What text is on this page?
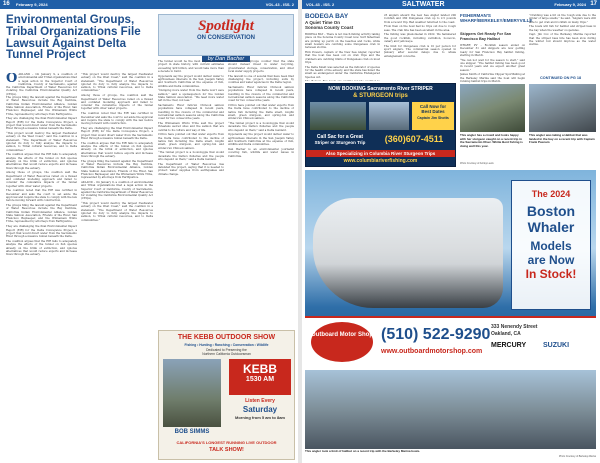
16 February 9, 2024	VOL.43 - ISS. 2
Environmental Groups, Tribal Organizations File Lawsuit Against Delta Tunnel Project
O AKLAND – On January 9, a coalition of environmental and Tribal organizations filed a legal action in the Superior Court of California, County of Sacramento, against the California Department of Water Resources for violating the California Environmental Quality Act (CEQA).

The groups filing the lawsuit against the Department of Water Resources include the Bay Institute, California Indian Environmental Alliance, Golden State Salmon Association, Friends of the River, San Francisco Baykeeper, and the Winnemem Wintu Tribe, represented by attorneys from Earthjustice.

They are challenging the final Environmental Impact Report (EIR) for the Delta Conveyance Project, a project that would divert water from the Sacramento River through a massive tunnel beneath the Delta.

“This project would destroy the largest freshwater estuary on the West Coast,” said the coalition in a statement. “The Department of Water Resources ignored its duty to fully analyze the impacts to salmon, to Tribal cultural resources, and to Delta communities.”

The coalition argues that the EIR fails to adequately analyze the effects of the tunnel on fish species already on the brink of extinction, and ignores alternatives that would reduce exports and increase flows through the estuary.

Among those of groups, the coalition said the Department of Water Resources relied on a flawed and outdated modeling approach and failed to consider the cumulative impacts of the tunnel together with other water projects.

The coalition noted that the EIR was certified in December and asks the court to set aside the approval and require the state to comply with the law before moving forward with construction.

The groups filing the lawsuit against the Department of Water Resources include the Bay Institute, California Indian Environmental Alliance, Golden State Salmon Association, Friends of the River, San Francisco Baykeeper, and the Winnemem Wintu Tribe, represented by attorneys from Earthjustice.

They are challenging the final Environmental Impact Report (EIR) for the Delta Conveyance Project, a project that would divert water from the Sacramento River through a massive tunnel beneath the Delta.

The coalition argues that the EIR fails to adequately analyze the effects of the tunnel on fish species already on the brink of extinction, and ignores alternatives that would reduce exports and increase flows through the estuary.

“This project would destroy the largest freshwater estuary on the West Coast,” said the coalition in a statement. “The Department of Water Resources ignored its duty to fully analyze the impacts to salmon, to Tribal cultural resources, and to Delta communities.”

Among those of groups, the coalition said the Department of Water Resources relied on a flawed and outdated modeling approach and failed to consider the cumulative impacts of the tunnel together with other water projects.

The coalition noted that the EIR was certified in December and asks the court to set aside the approval and require the state to comply with the law before moving forward with construction.

They are challenging the final Environmental Impact Report (EIR) for the Delta Conveyance Project, a project that would divert water from the Sacramento River through a massive tunnel beneath the Delta.

The coalition argues that the EIR fails to adequately analyze the effects of the tunnel on fish species already on the brink of extinction, and ignores alternatives that would reduce exports and increase flows through the estuary.

The groups filing the lawsuit against the Department of Water Resources include the Bay Institute, California Indian Environmental Alliance, Golden State Salmon Association, Friends of the River, San Francisco Baykeeper, and the Winnemem Wintu Tribe, represented by attorneys from Earthjustice.

AKLAND – On January 9, a coalition of environmental and Tribal organizations filed a legal action in the Superior Court of California, County of Sacramento, against the California Department of Water Resources for violating the California Environmental Quality Act (CEQA).

“This project would destroy the largest freshwater estuary on the West Coast,” said the coalition in a statement. “The Department of Water Resources ignored its duty to fully analyze the impacts to salmon, to Tribal cultural resources, and to Delta communities.”

Spotlight
ON CONSERVATION
by Dan Bacher

The tunnel would be the most expensive water project in state history, with current estimates exceeding $20 billion, and would take more than a decade to build.

Opponents say the project would deliver water to agribusiness interests in the San Joaquin Valley and Southern California at the expense of fish, wildlife and Delta communities.

“Dumping more water from the Delta won’t save salmon,” said a spokesperson for the Golden State Salmon Association. “We need more water left in the river, not less.”

Sacramento River fall-run Chinook salmon populations have collapsed in recent years, resulting in the closure of the commercial and recreational salmon seasons along the California coast for two consecutive years.

The Winnemem Wintu Tribe said the project threatens sacred sites and the salmon that are central to its culture and way of life.

Critics have pointed out that water exports from the Delta have contributed to the decline of native fish including the Delta smelt, longfin smelt, green sturgeon, and spring-run and winter-run Chinook salmon.

“The tunnel project is a boondoggle that would devastate the Delta’s fisheries and the people who depend on them,” said a Delta resident.

The Department of Water Resources has defended the project, saying that it is needed to protect water supplies from earthquakes and climate change.

Environmental groups counter that the state should instead invest in water recycling, groundwater storage, conservation, and other local water supply projects.

The lawsuit is one of several that have been filed challenging the project, including suits by counties and water agencies in the Delta region.

Sacramento River fall-run Chinook salmon populations have collapsed in recent years, resulting in the closure of the commercial and recreational salmon seasons along the California coast for two consecutive years.

Critics have pointed out that water exports from the Delta have contributed to the decline of native fish including the Delta smelt, longfin smelt, green sturgeon, and spring-run and winter-run Chinook salmon.

“The tunnel project is a boondoggle that would devastate the Delta’s fisheries and the people who depend on them,” said a Delta resident.

Opponents say the project would deliver water to agribusiness interests in the San Joaquin Valley and Southern California at the expense of fish, wildlife and Delta communities.

Dan Bacher is an environmental journalist covering fish, wildlife and water issues in California.

THE KEBB OUTDOOR SHOW
Fishing • Hunting • Ranching • Conservation • Wildlife
Dedicated to Preserving the
Northern California Outdoorsman
BOB SIMMS
KEBB
1530 AM
Listen Every
Saturday
Morning from 5 am to 8am
CALIFORNIA'S LONGEST RUNNING LIVE OUTDOOR
TALK SHOW!
VOL.43 - ISS. 2	SALTWATER	February 9, 2024 17
BODEGA BAY
A Quiet Time On
Sonoma County Coast

BODEGA BAY – There is not much fishing activity taking place on the Sonoma County Coast now. Surf fishermen are picking up perch on the beaches and rocks, while small boaters are catching some Dungeness crab in between storms.

Rick Powers, captain of the New Sea Angler, reported that the boat has been out on crab trips and the crabbers are catching limits of Dungeness crab on most trips.

The Delta Smelt was selected as the indicator of species for the health of the estuary, and the state has listed the smelt as endangered under the California Endangered Species Act.

23 anglers aboard the new Sea Angler landed 200 rockfish and 260 Dungeness crab up to 2.5 pounds from a recent trip. Bad weather returned to the coast.

From then on the boat had no trips out due to rough seas. The crab bite has been excellent in the area.

The fishing was phenomenal in 2022. We hammered the good rockfish, including vermilion, bocaccio, canary and yelloweye.

The limit for Dungeness crab is 10 per person for sport anglers. The commercial season opened in January after several delays due to whale entanglement concerns.

NOW BOOKING Sacramento River STRIPER
& STURGEON trips
Call Now for
Best Dates
Captain Jim Shotts
Call Sac for a Great
Striper or Sturgeon Trip	(360)607-4511
Also Specializing in Columbia River Sturgeon Trips
www.columbiariverfishing.com
FISHERMAN'S WHARF/BERKELEY/EMERYVILLE
Skippers Get Ready For San
Francisco Bay Halibut

WHARF, PV – Rockfish season ended on December 31 and skippers are now getting ready for San Francisco Bay halibut fishing, starting in March.

“We can not wait for the season to start,” said one skipper. “The halibut fishing has been good in recent years and we expect another great season.”

James Smith of California Clipper Sportfishing at the Berkeley Marina said the boat will begin running halibut trips in March.

“Crabbing was a hit on the rough side due to the winter of large swells,” he said. “Anglers were still able to get crab and rockfish on many trips.”

The boats will fish for halibut and striped bass in the bay when the weather cooperates.

Capt. Jim Cox of the Berkeley Marina reported that the striped bass bite has been slow during the winter but should improve as the water warms.

CONTINUED ON PG 18
This angler has a crowd and looks happy with her sturgeon caught on a recent trip in the Sacramento River. Whitie Bent fishing is doing well this year.
Photo Courtesy of Ashley Lewis
This angler was taking a Halibut that was landed in the bay on a recent trip with Captain Frank Pasnam
The 2024
Boston
Whaler
Models
are Now
In Stock!
Outboard Motor Shop (510) 522-9290
www.outboardmotorshop.com
333 Nenendy Street
Oakland, CA
MERCURY SUZUKI
This angler took a limit of halibut on a recent trip with the Berkeley Marina boats.
Photo Courtesy of Berkeley Marina
